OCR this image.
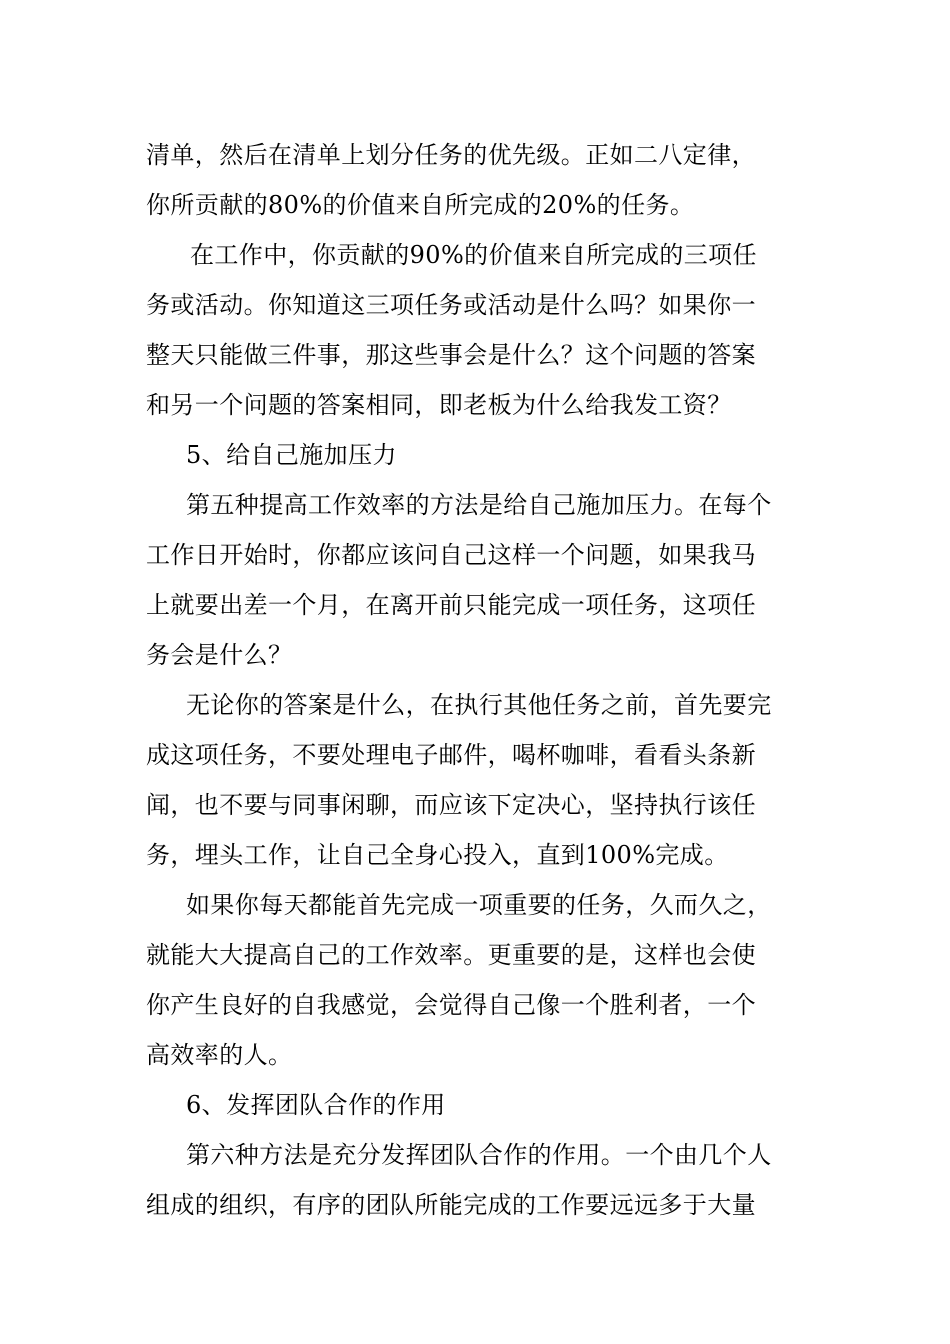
清单，然后在清单上划分任务的优先级。正如二八定律，
你所贡献的80%的价值来自所完成的20%的任务。
在工作中，你贡献的90%的价值来自所完成的三项任
务或活动。你知道这三项任务或活动是什么吗？如果你一
整天只能做三件事，那这些事会是什么？这个问题的答案
和另一个问题的答案相同，即老板为什么给我发工资？
5、给自己施加压力
第五种提高工作效率的方法是给自己施加压力。在每个
工作日开始时，你都应该问自己这样一个问题，如果我马
上就要出差一个月，在离开前只能完成一项任务，这项任
务会是什么？
无论你的答案是什么，在执行其他任务之前，首先要完
成这项任务，不要处理电子邮件，喝杯咖啡，看看头条新
闻，也不要与同事闲聊，而应该下定决心，坚持执行该任
务，埋头工作，让自己全身心投入，直到100%完成。
如果你每天都能首先完成一项重要的任务，久而久之，
就能大大提高自己的工作效率。更重要的是，这样也会使
你产生良好的自我感觉，会觉得自己像一个胜利者，一个
高效率的人。
6、发挥团队合作的作用
第六种方法是充分发挥团队合作的作用。一个由几个人
组成的组织，有序的团队所能完成的工作要远远多于大量
